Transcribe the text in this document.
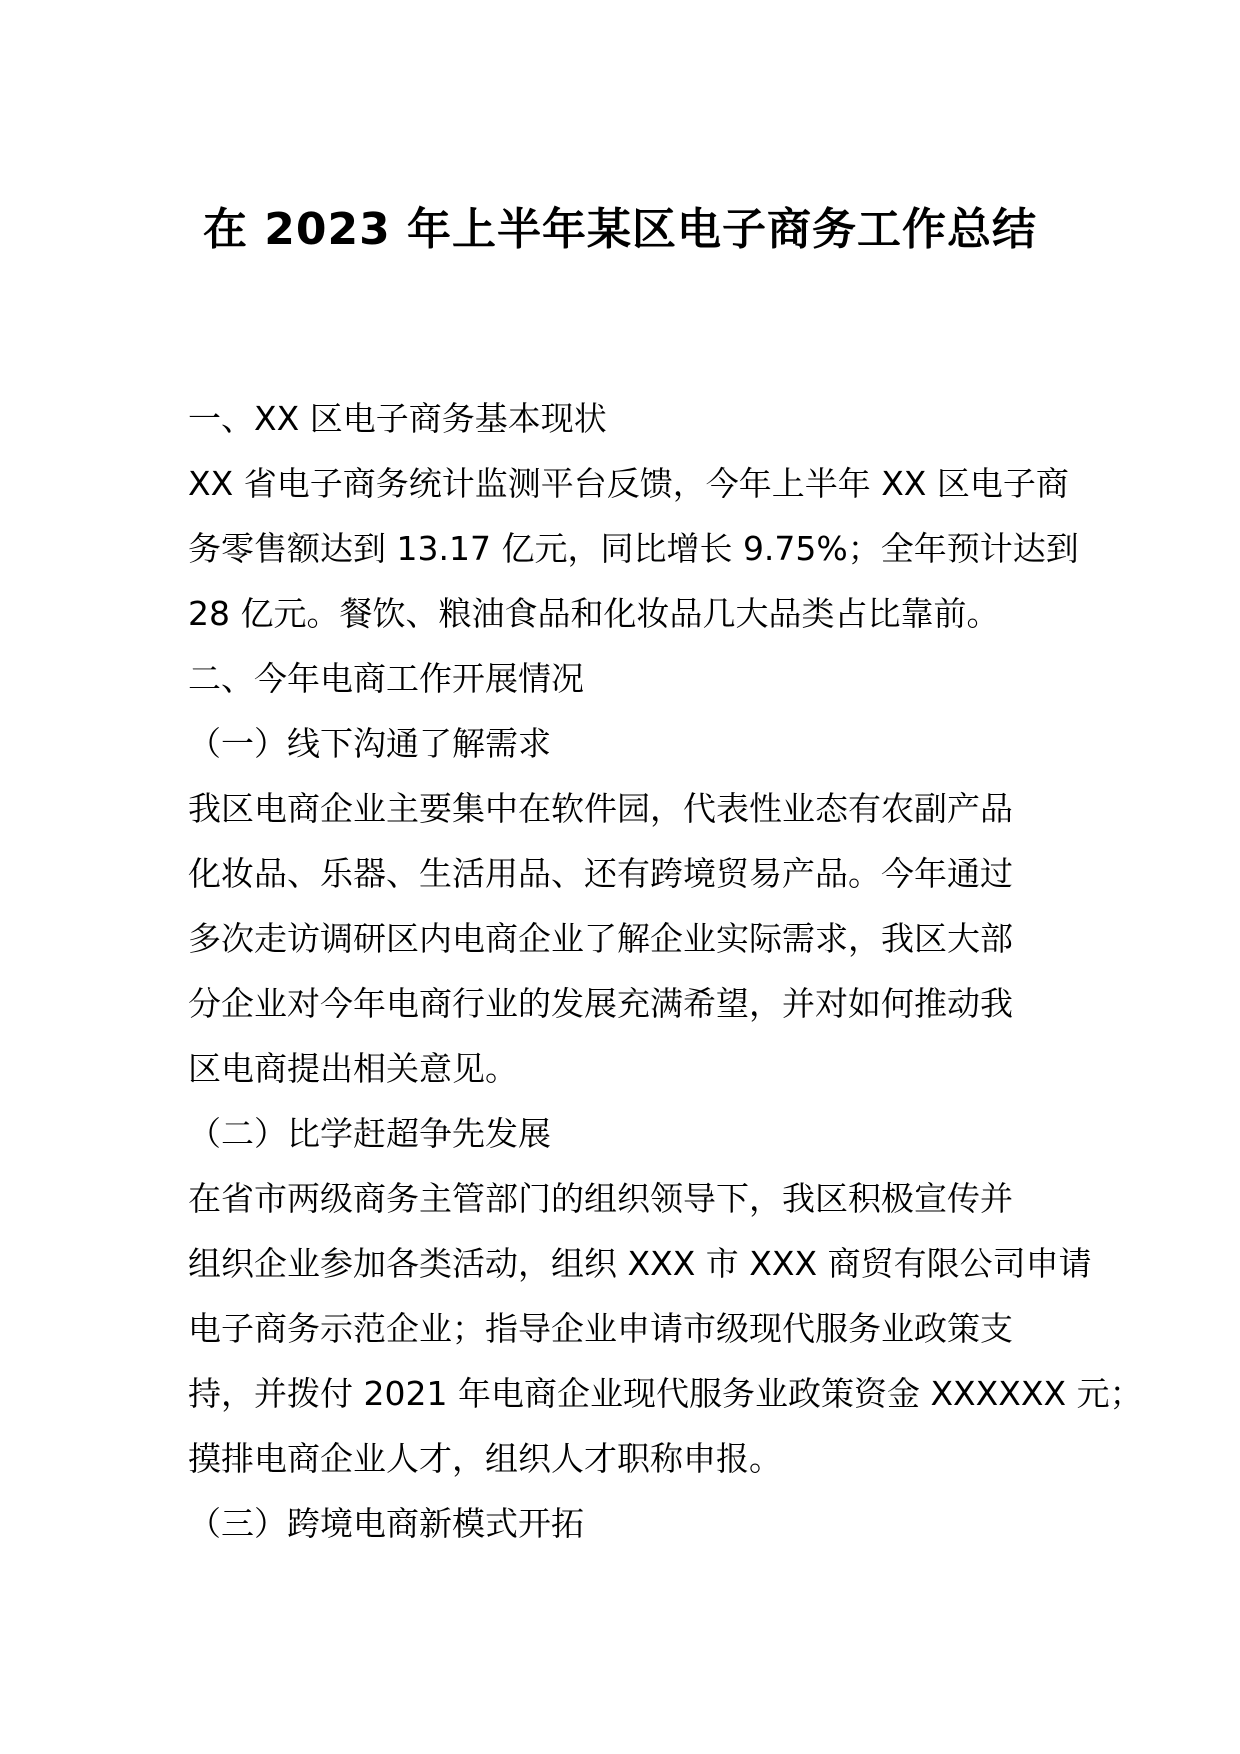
在 2023 年上半年某区电子商务工作总结
一、XX 区电子商务基本现状
XX 省电子商务统计监测平台反馈，今年上半年 XX 区电子商
务零售额达到 13.17 亿元，同比增长 9.75%；全年预计达到
28 亿元。餐饮、粮油食品和化妆品几大品类占比靠前。
二、今年电商工作开展情况
（一）线下沟通了解需求
我区电商企业主要集中在软件园，代表性业态有农副产品
化妆品、乐器、生活用品、还有跨境贸易产品。今年通过
多次走访调研区内电商企业了解企业实际需求，我区大部
分企业对今年电商行业的发展充满希望，并对如何推动我
区电商提出相关意见。
（二）比学赶超争先发展
在省市两级商务主管部门的组织领导下，我区积极宣传并
组织企业参加各类活动，组织 XXX 市 XXX 商贸有限公司申请
电子商务示范企业；指导企业申请市级现代服务业政策支
持，并拨付 2021 年电商企业现代服务业政策资金 XXXXXX 元；
摸排电商企业人才，组织人才职称申报。
（三）跨境电商新模式开拓
